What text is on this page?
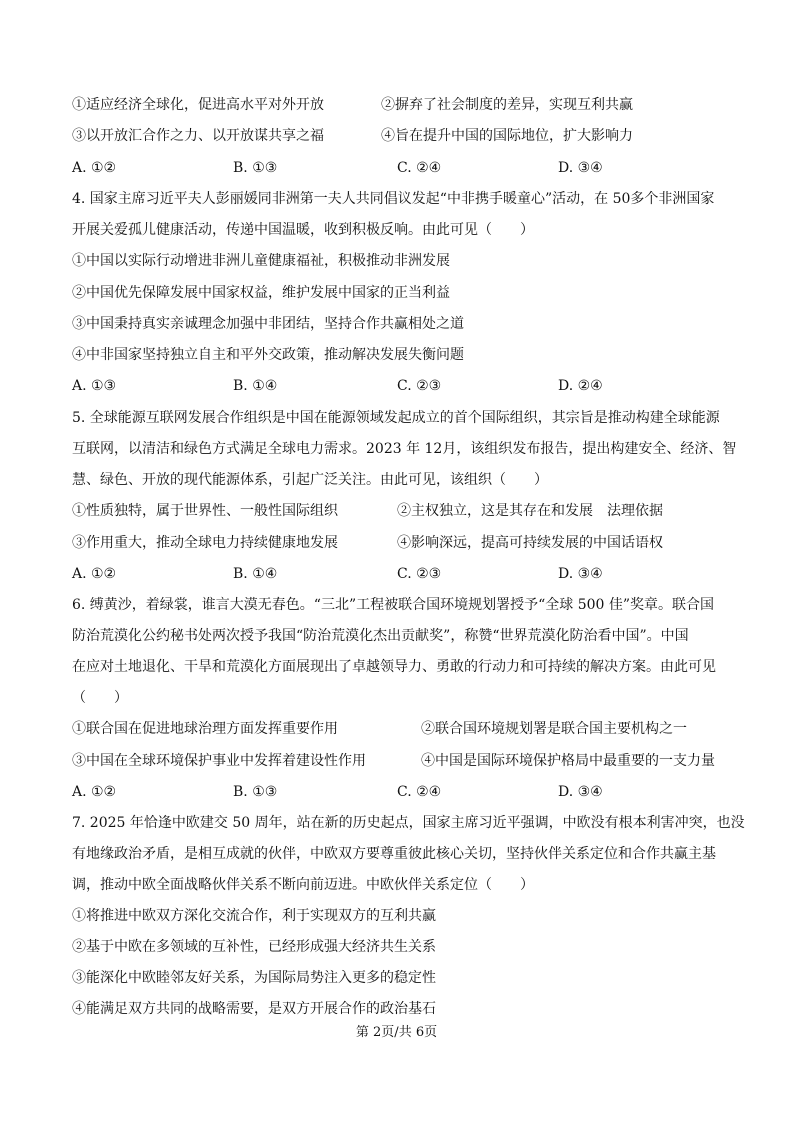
①适应经济全球化，促进高水平对外开放	②摒弃了社会制度的差异，实现互利共赢
③以开放汇合作之力、以开放谋共享之福	④旨在提升中国的国际地位，扩大影响力
A. ①②	B. ①③	C. ②④	D. ③④
4. 国家主席习近平夫人彭丽媛同非洲第一夫人共同倡议发起“中非携手暖童心”活动，在 50多个非洲国家
开展关爱孤儿健康活动，传递中国温暖，收到积极反响。由此可见（　　）
①中国以实际行动增进非洲儿童健康福祉，积极推动非洲发展
②中国优先保障发展中国家权益，维护发展中国家的正当利益
③中国秉持真实亲诚理念加强中非团结，坚持合作共赢相处之道
④中非国家坚持独立自主和平外交政策，推动解决发展失衡问题
A. ①③	B. ①④	C. ②③	D. ②④
5. 全球能源互联网发展合作组织是中国在能源领域发起成立的首个国际组织，其宗旨是推动构建全球能源
互联网，以清洁和绿色方式满足全球电力需求。2023 年 12月，该组织发布报告，提出构建安全、经济、智
慧、绿色、开放的现代能源体系，引起广泛关注。由此可见，该组织（　　）
①性质独特，属于世界性、一般性国际组织	②主权独立，这是其存在和发展　法理依据
③作用重大，推动全球电力持续健康地发展	④影响深远，提高可持续发展的中国话语权
A. ①②	B. ①④	C. ②③	D. ③④
6. 缚黄沙，着绿裳，谁言大漠无春色。“三北”工程被联合国环境规划署授予“全球 500 佳”奖章。联合国
防治荒漠化公约秘书处两次授予我国“防治荒漠化杰出贡献奖”，称赞“世界荒漠化防治看中国”。中国
在应对土地退化、干旱和荒漠化方面展现出了卓越领导力、勇敢的行动力和可持续的解决方案。由此可见
（　　）
①联合国在促进地球治理方面发挥重要作用	②联合国环境规划署是联合国主要机构之一
③中国在全球环境保护事业中发挥着建设性作用	④中国是国际环境保护格局中最重要的一支力量
A. ①②	B. ①③	C. ②④	D. ③④
7. 2025 年恰逢中欧建交 50 周年，站在新的历史起点，国家主席习近平强调，中欧没有根本利害冲突，也没
有地缘政治矛盾，是相互成就的伙伴，中欧双方要尊重彼此核心关切，坚持伙伴关系定位和合作共赢主基
调，推动中欧全面战略伙伴关系不断向前迈进。中欧伙伴关系定位（　　）
①将推进中欧双方深化交流合作，利于实现双方的互利共赢
②基于中欧在多领域的互补性，已经形成强大经济共生关系
③能深化中欧睦邻友好关系，为国际局势注入更多的稳定性
④能满足双方共同的战略需要，是双方开展合作的政治基石
第 2页/共 6页
